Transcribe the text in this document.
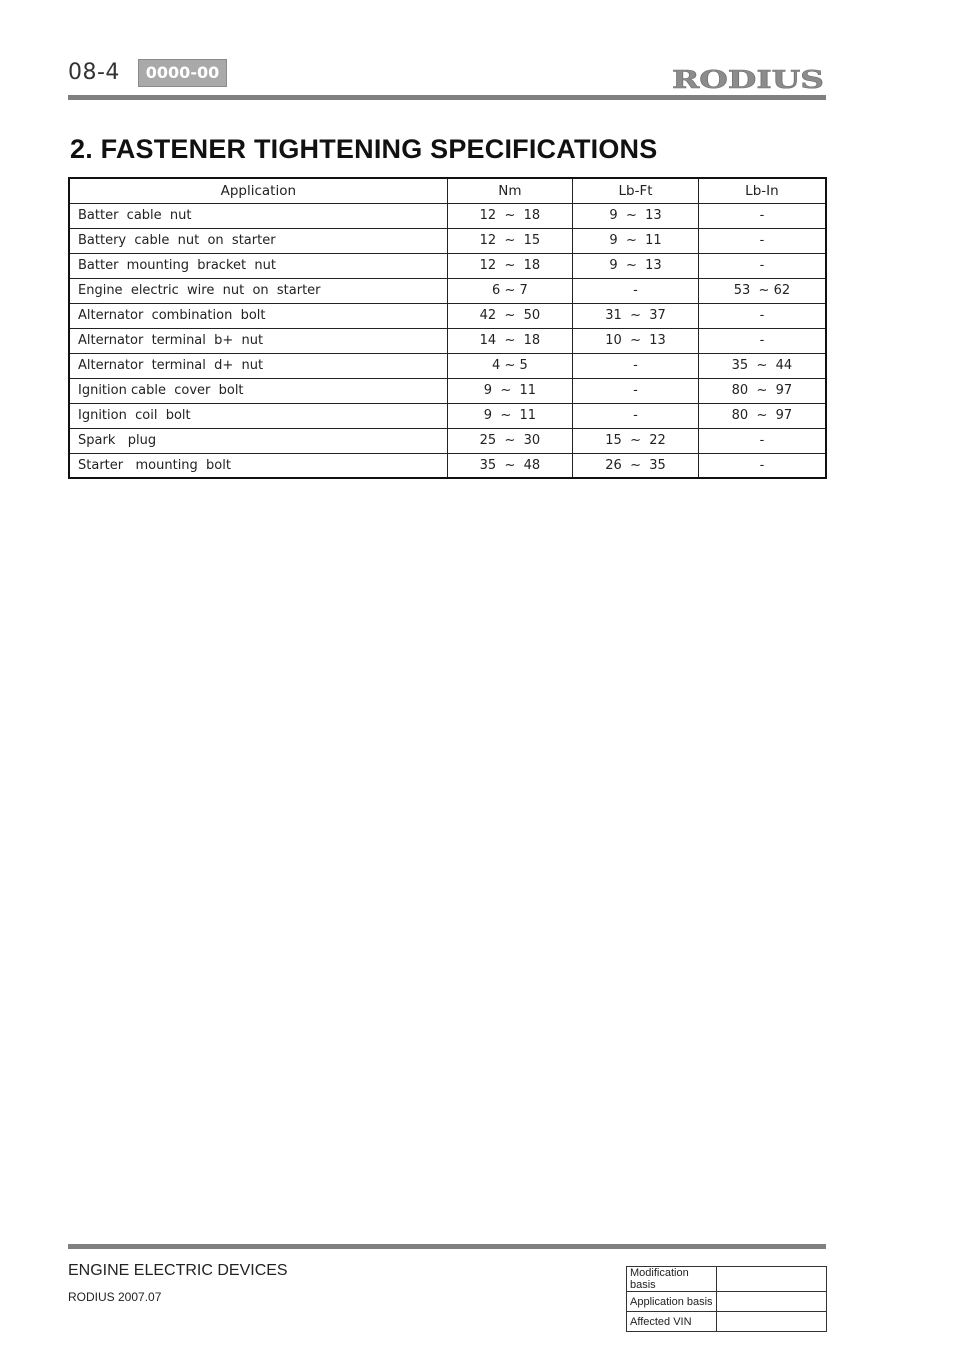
08-4	0000-00	RODIUS
2. FASTENER TIGHTENING SPECIFICATIONS
Application	Nm	Lb-Ft	Lb-In
Batter  cable  nut	12  ~  18	9  ~  13	-
Battery  cable  nut  on  starter	12  ~  15	9  ~  11	-
Batter  mounting  bracket  nut	12  ~  18	9  ~  13	-
Engine  electric  wire  nut  on  starter	6 ~ 7	-	53  ~ 62
Alternator  combination  bolt	42  ~  50	31  ~  37	-
Alternator  terminal  b+  nut	14  ~  18	10  ~  13	-
Alternator  terminal  d+  nut	4 ~ 5	-	35  ~  44
Ignition cable  cover  bolt	9  ~  11	-	80  ~  97
Ignition  coil  bolt	9  ~  11	-	80  ~  97
Spark   plug	25  ~  30	15  ~  22	-
Starter   mounting  bolt	35  ~  48	26  ~  35	-
ENGINE ELECTRIC DEVICES
RODIUS 2007.07
Modification basis	
Application basis	
Affected VIN	
